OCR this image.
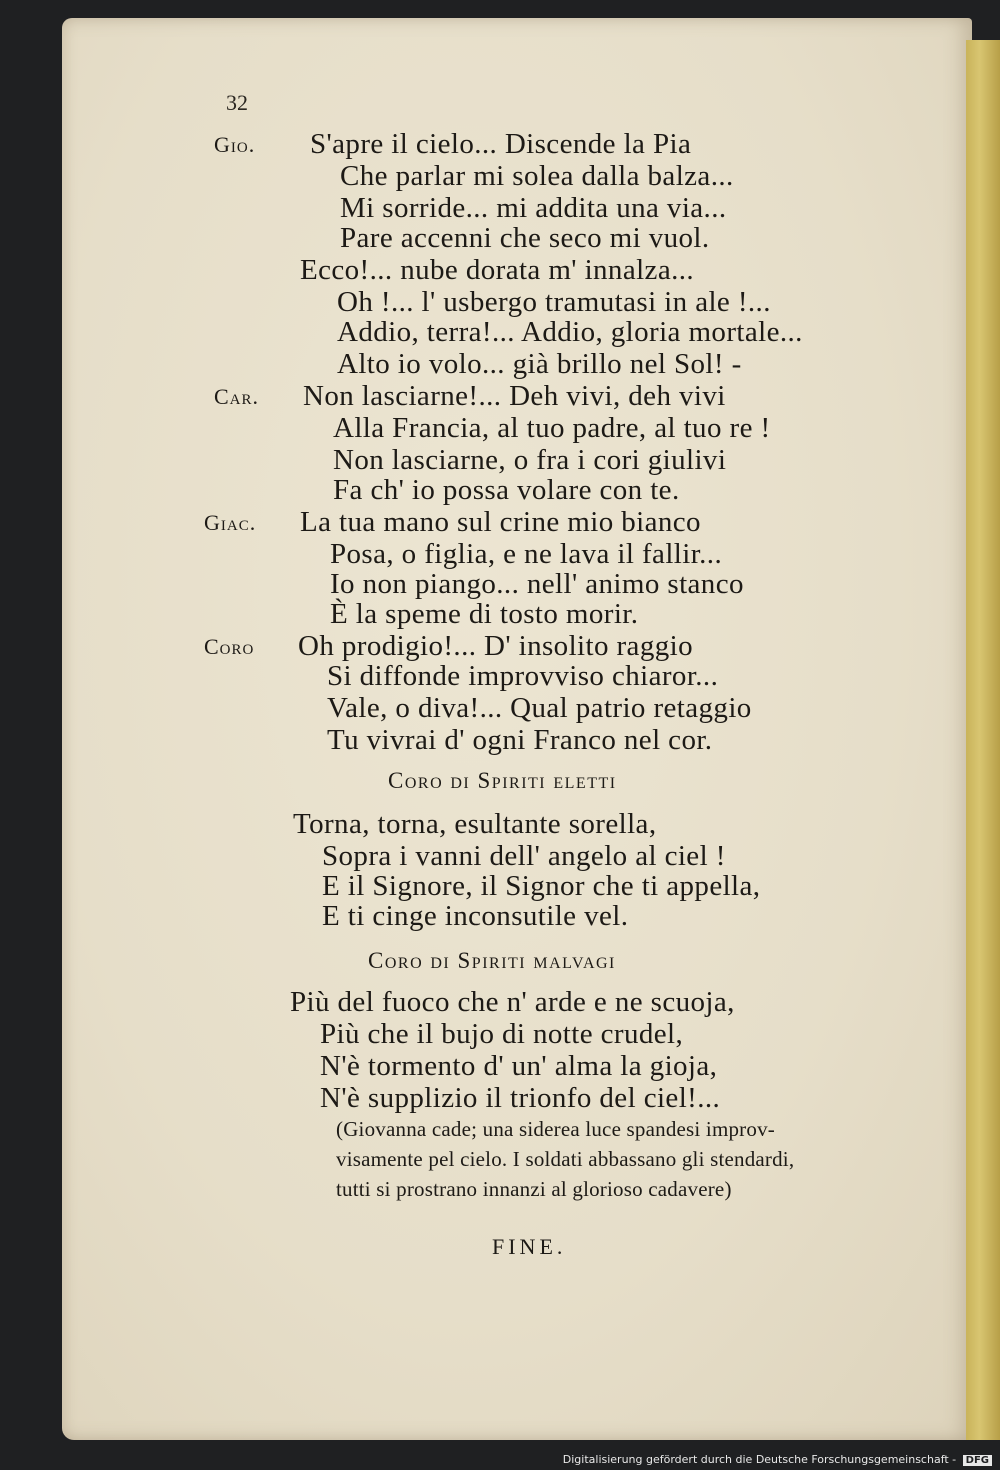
32
Gio. S'apre il cielo... Discende la Pia
Che parlar mi solea dalla balza...
Mi sorride... mi addita una via...
Pare accenni che seco mi vuol.
Ecco!... nube dorata m' innalza...
Oh !... l' usbergo tramutasi in ale !...
Addio, terra!... Addio, gloria mortale...
Alto io volo... già brillo nel Sol! -
Car. Non lasciarne!... Deh vivi, deh vivi
Alla Francia, al tuo padre, al tuo re !
Non lasciarne, o fra i cori giulivi
Fa ch' io possa volare con te.
Giac. La tua mano sul crine mio bianco
Posa, o figlia, e ne lava il fallir...
Io non piango... nell' animo stanco
È la speme di tosto morir.
Coro Oh prodigio!... D' insolito raggio
Si diffonde improvviso chiaror...
Vale, o diva!... Qual patrio retaggio
Tu vivrai d' ogni Franco nel cor.
Coro di Spiriti eletti
Torna, torna, esultante sorella,
Sopra i vanni dell' angelo al ciel !
E il Signore, il Signor che ti appella,
E ti cinge inconsutile vel.
Coro di Spiriti malvagi
Più del fuoco che n' arde e ne scuoja,
Più che il bujo di notte crudel,
N'è tormento d' un' alma la gioja,
N'è supplizio il trionfo del ciel!...
(Giovanna cade; una siderea luce spandesi improv-
visamente pel cielo. I soldati abbassano gli stendardi,
tutti si prostrano innanzi al glorioso cadavere)
FINE.
Digitalisierung gefördert durch die Deutsche Forschungsgemeinschaft - DFG
